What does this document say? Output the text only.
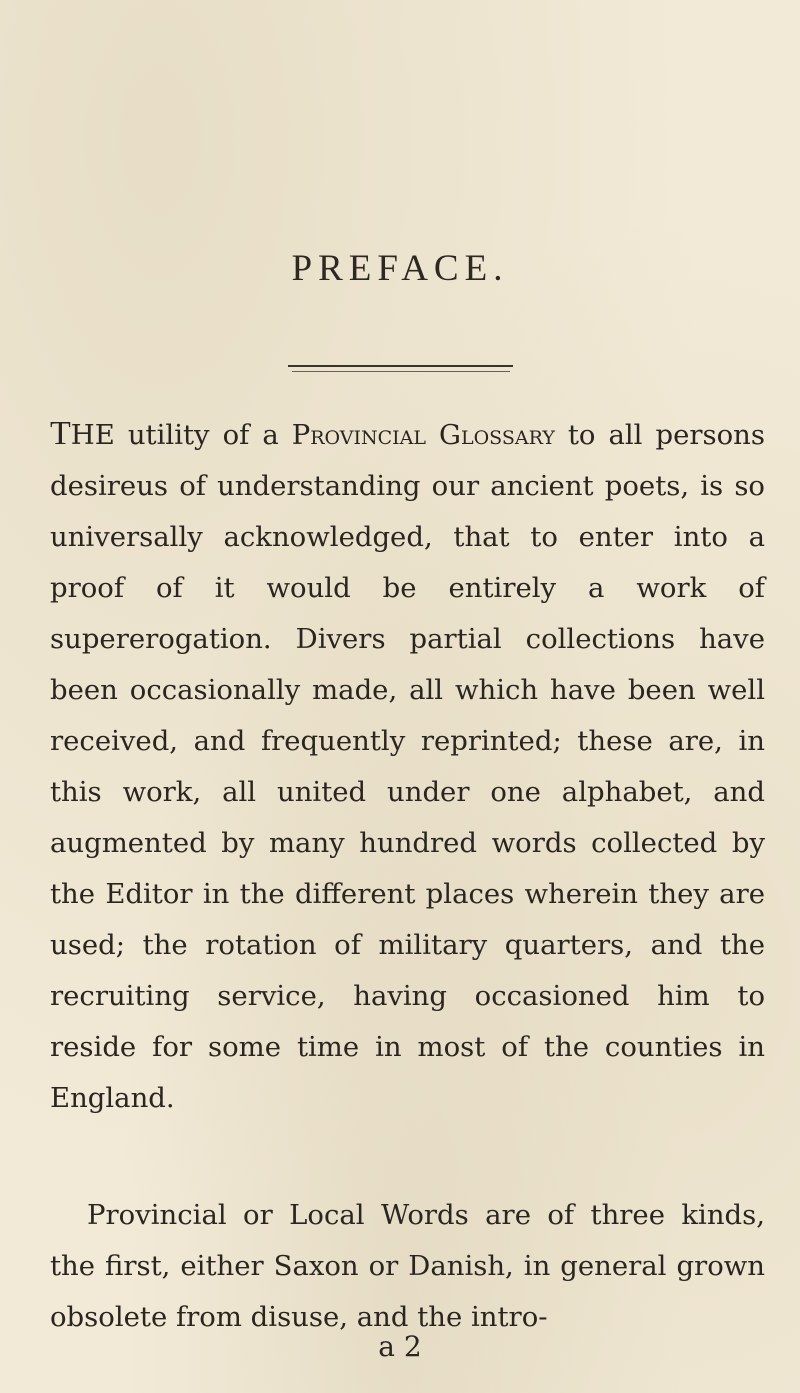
PREFACE.

THE utility of a Provincial Glossary to all persons desireus of understanding our ancient poets, is so universally acknowledged, that to enter into a proof of it would be entirely a work of supererogation. Divers partial collections have been occasionally made, all which have been well received, and frequently reprinted; these are, in this work, all united under one alphabet, and augmented by many hundred words collected by the Editor in the different places wherein they are used; the rotation of military quarters, and the recruiting service, having occasioned him to reside for some time in most of the counties in England.

Provincial or Local Words are of three kinds, the first, either Saxon or Danish, in general grown obsolete from disuse, and the intro-

a 2
